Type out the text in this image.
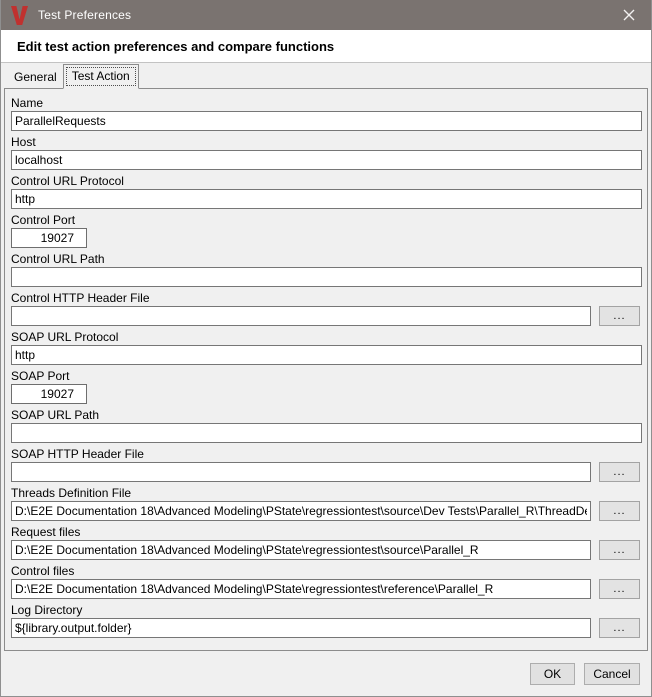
Test Preferences
Edit test action preferences and compare functions
General	Test Action
Name
ParallelRequests
Host
localhost
Control URL Protocol
http
Control Port
19027
Control URL Path
Control HTTP Header File
...
SOAP URL Protocol
http
SOAP Port
19027
SOAP URL Path
SOAP HTTP Header File
...
Threads Definition File
D:\E2E Documentation 18\Advanced Modeling\PState\regressiontest\source\Dev Tests\Parallel_R\ThreadDefinition.xml
...
Request files
D:\E2E Documentation 18\Advanced Modeling\PState\regressiontest\source\Parallel_R
...
Control files
D:\E2E Documentation 18\Advanced Modeling\PState\regressiontest\reference\Parallel_R
...
Log Directory
${library.output.folder}
...
OK	Cancel
